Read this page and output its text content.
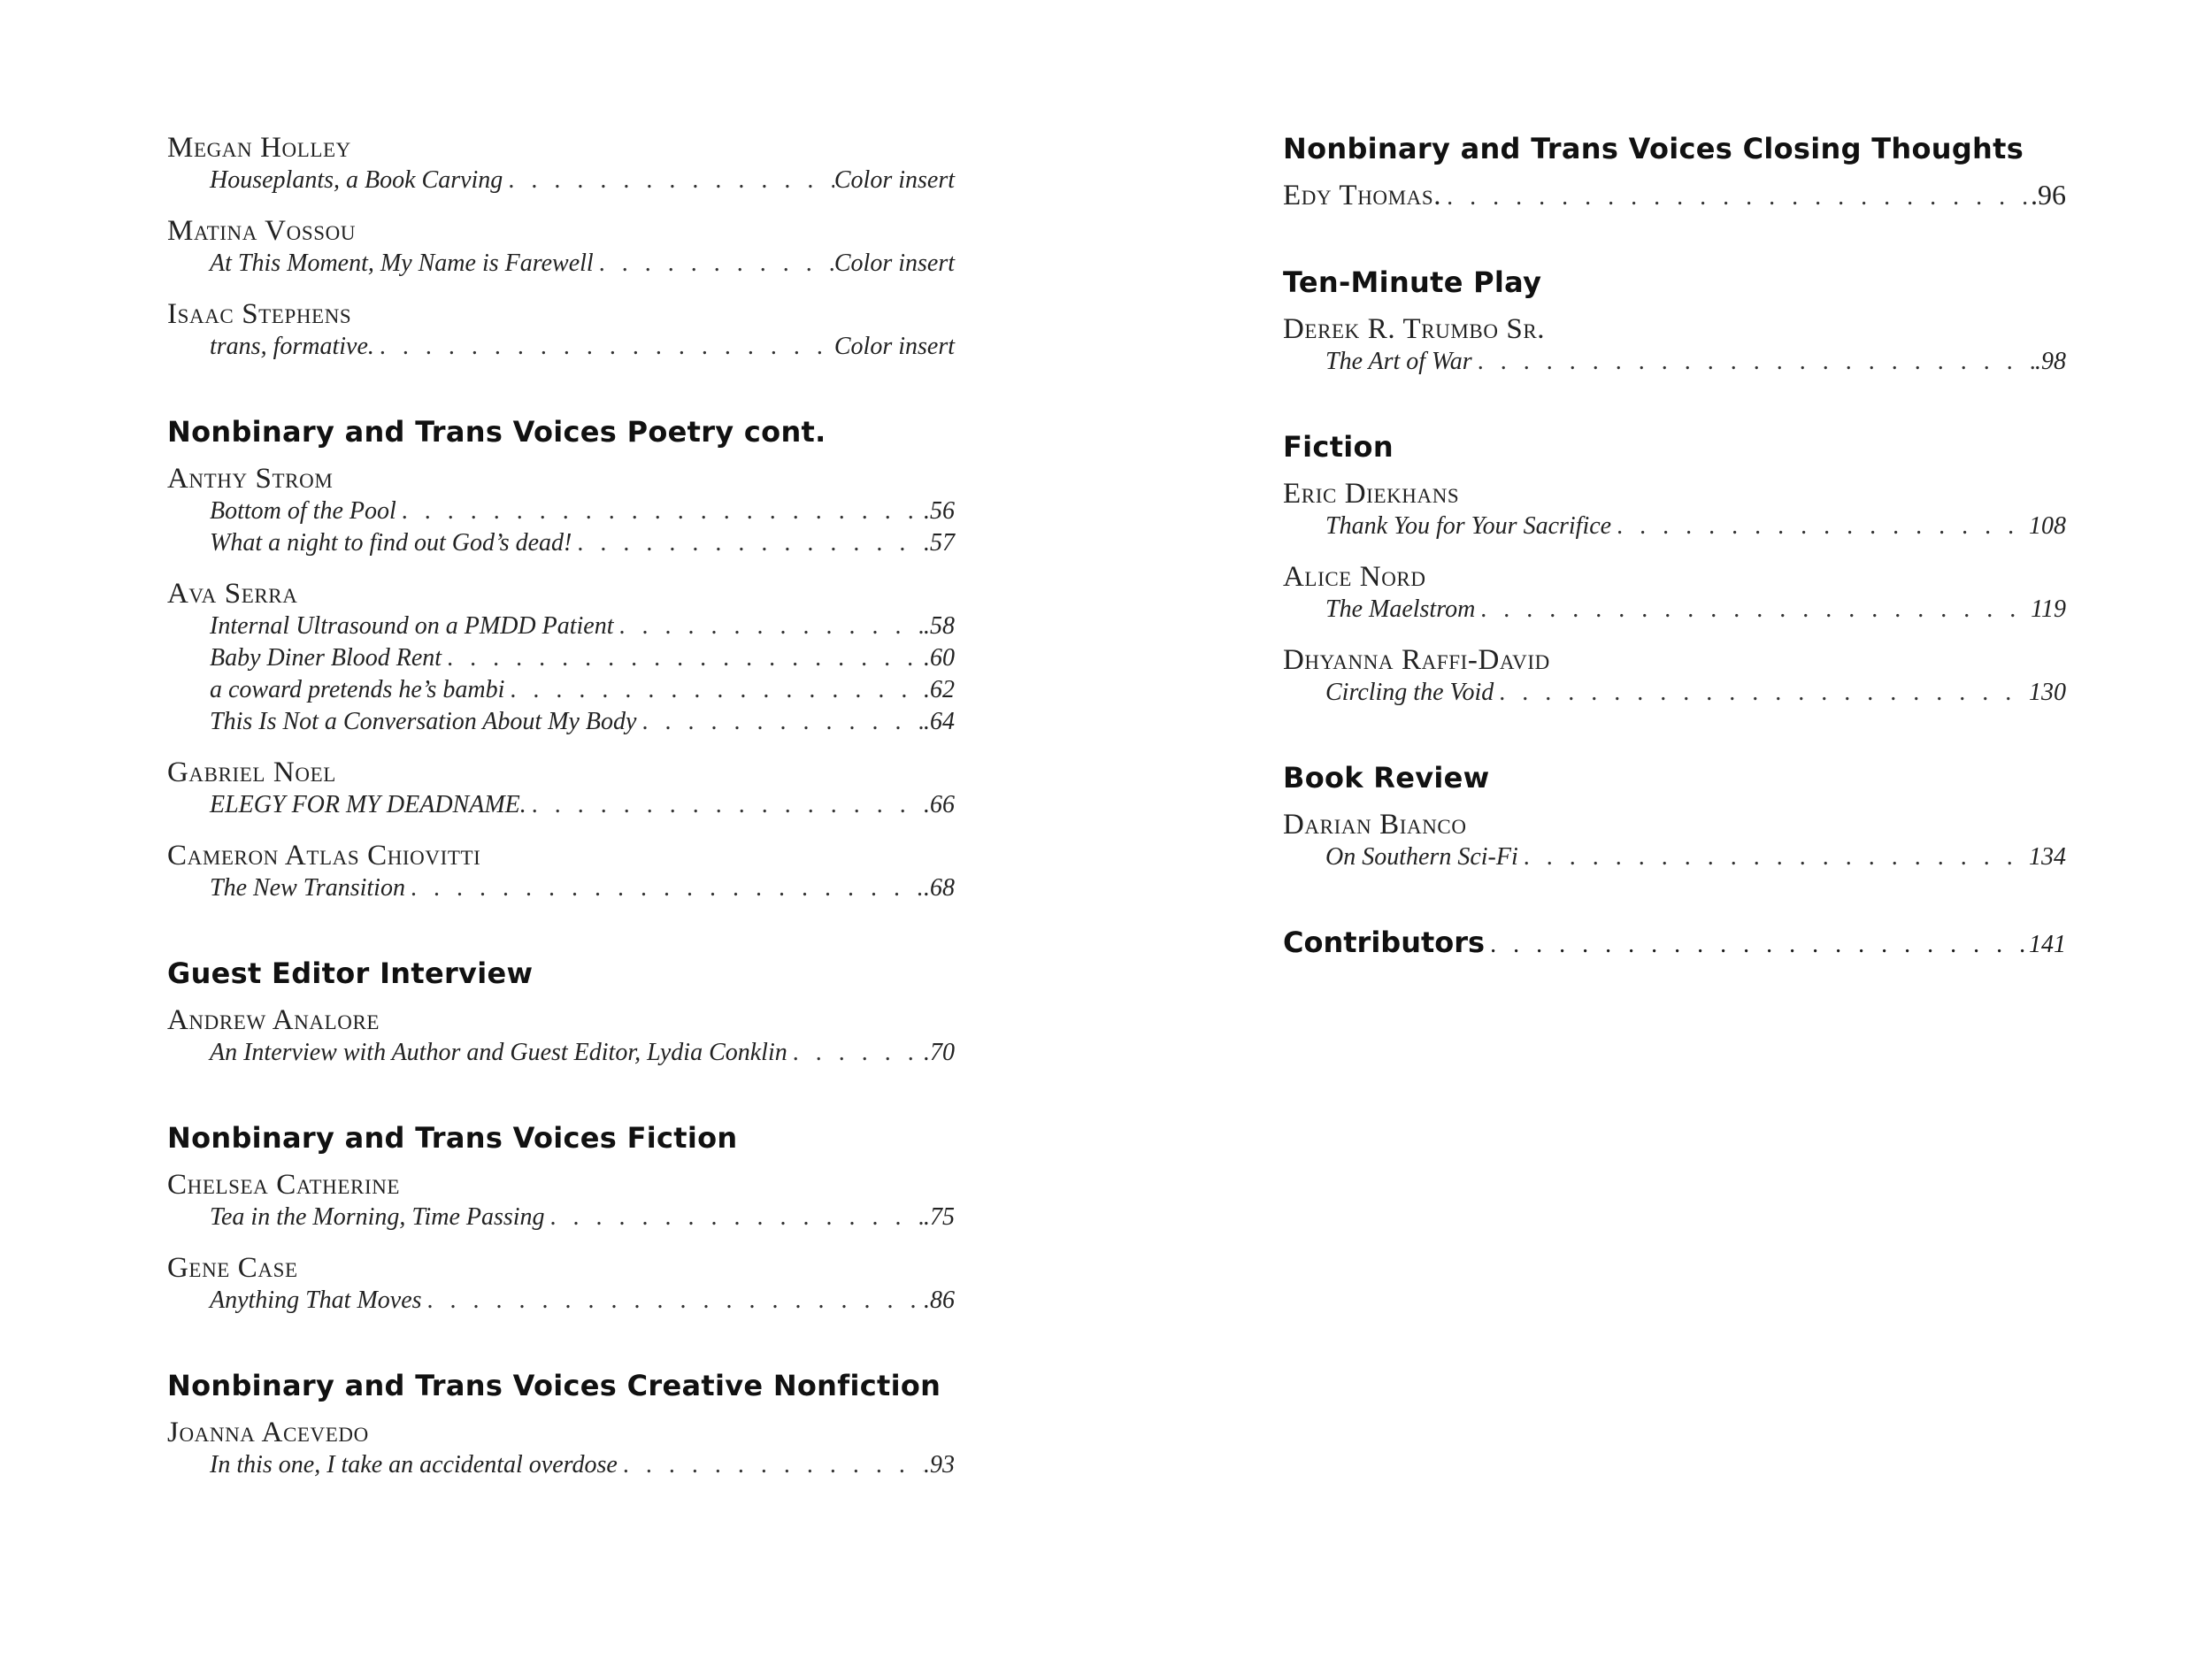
Megan Holley
Houseplants, a Book Carving . . .	Color insert
Matina Vossou
At This Moment, My Name is Farewell . . .	Color insert
Isaac Stephens
trans, formative. . . .	Color insert
Nonbinary and Trans Voices Poetry cont.
Anthy Strom
Bottom of the Pool . . .	.56
What a night to find out God’s dead! . . .	.57
Ava Serra
Internal Ultrasound on a PMDD Patient . . .	.58
Baby Diner Blood Rent . . .	.60
a coward pretends he’s bambi . . .	.62
This Is Not a Conversation About My Body . . .	.64
Gabriel Noel
ELEGY FOR MY DEADNAME. . . .	.66
Cameron Atlas Chiovitti
The New Transition . . .	.68
Guest Editor Interview
Andrew Analore
An Interview with Author and Guest Editor, Lydia Conklin . . .	.70
Nonbinary and Trans Voices Fiction
Chelsea Catherine
Tea in the Morning, Time Passing . . .	.75
Gene Case
Anything That Moves . . .	.86
Nonbinary and Trans Voices Creative Nonfiction
Joanna Acevedo
In this one, I take an accidental overdose . . .	.93
Nonbinary and Trans Voices Closing Thoughts
Edy Thomas. . . .	.96
Ten-Minute Play
Derek R. Trumbo Sr.
The Art of War . . .	.98
Fiction
Eric Diekhans
Thank You for Your Sacrifice . . .	108
Alice Nord
The Maelstrom . . .	119
Dhyanna Raffi-David
Circling the Void . . .	130
Book Review
Darian Bianco
On Southern Sci-Fi . . .	134
Contributors . . .	141
